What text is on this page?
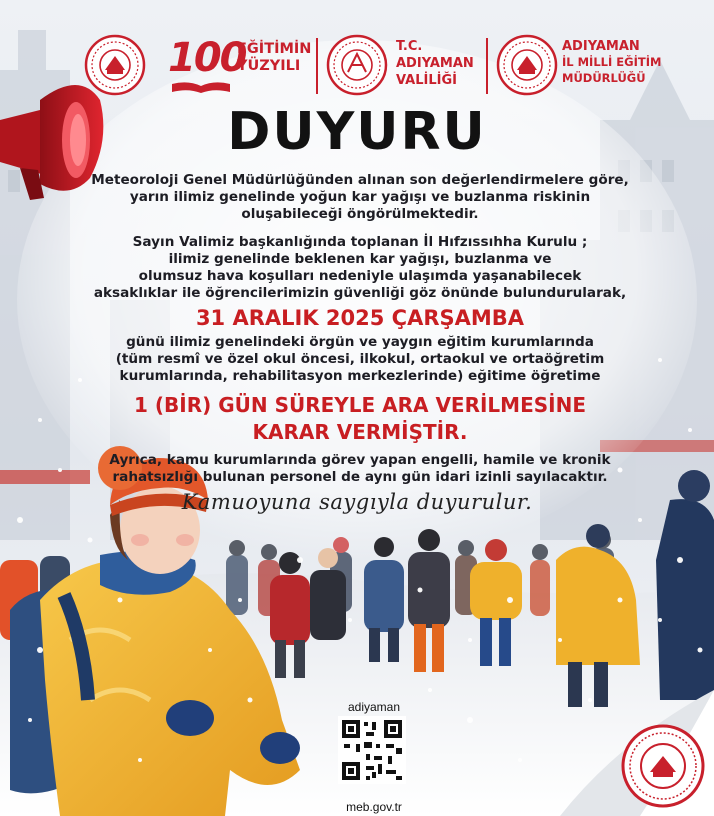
100
EĞİTİMİN
YÜZYILI
T.C.
ADIYAMAN
VALİLİĞİ
ADIYAMAN
İL MİLLİ EĞİTİM
MÜDÜRLÜĞÜ
DUYURU
Meteoroloji Genel Müdürlüğünden alınan son değerlendirmelere göre,
yarın ilimiz genelinde yoğun kar yağışı ve buzlanma riskinin
oluşabileceği öngörülmektedir.
Sayın Valimiz başkanlığında toplanan İl Hıfzıssıhha Kurulu ;
ilimiz genelinde beklenen kar yağışı, buzlanma ve
olumsuz hava koşulları nedeniyle ulaşımda yaşanabilecek
aksaklıklar ile öğrencilerimizin güvenliği göz önünde bulundurularak,
31 ARALIK 2025 ÇARŞAMBA
günü ilimiz genelindeki örgün ve yaygın eğitim kurumlarında
(tüm resmî ve özel okul öncesi, ilkokul, ortaokul ve ortaöğretim
kurumlarında, rehabilitasyon merkezlerinde) eğitime öğretime
1 (BİR) GÜN SÜREYLE ARA VERİLMESİNE
KARAR VERMİŞTİR.
Ayrıca, kamu kurumlarında görev yapan engelli, hamile ve kronik
rahatsızlığı bulunan personel de aynı gün idari izinli sayılacaktır.
Kamuoyuna saygıyla duyurulur.
adiyaman
meb.gov.tr
